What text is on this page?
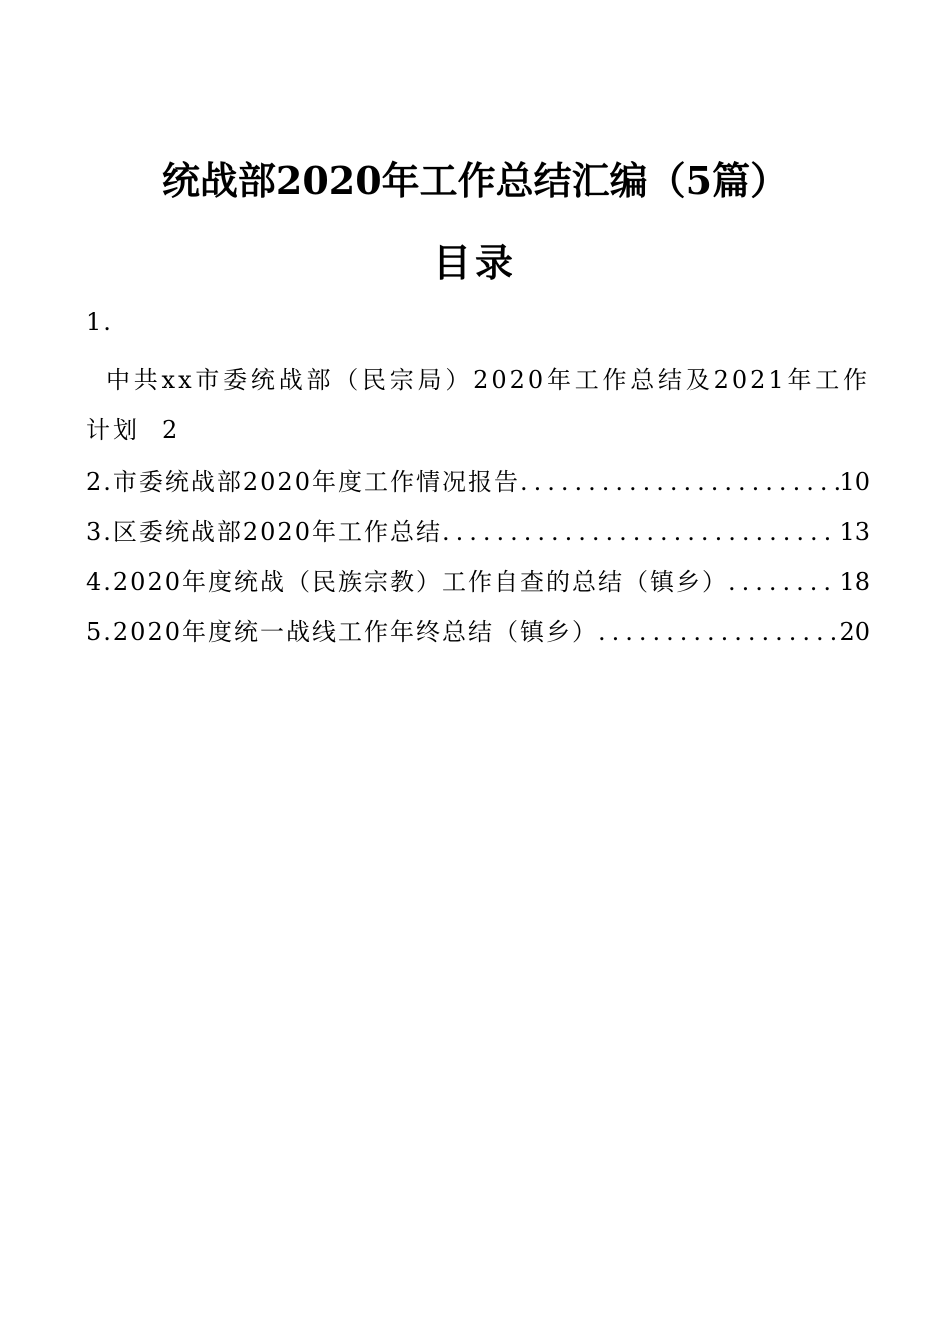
统战部2020年工作总结汇编（5篇）
目录
1.
中共xx市委统战部（民宗局）2020年工作总结及2021年工作计划 2
2.市委统战部2020年度工作情况报告 .....	10
3.区委统战部2020年工作总结 .....	13
4.2020年度统战（民族宗教）工作自查的总结（镇乡） .....	18
5.2020年度统一战线工作年终总结（镇乡） .....	20
